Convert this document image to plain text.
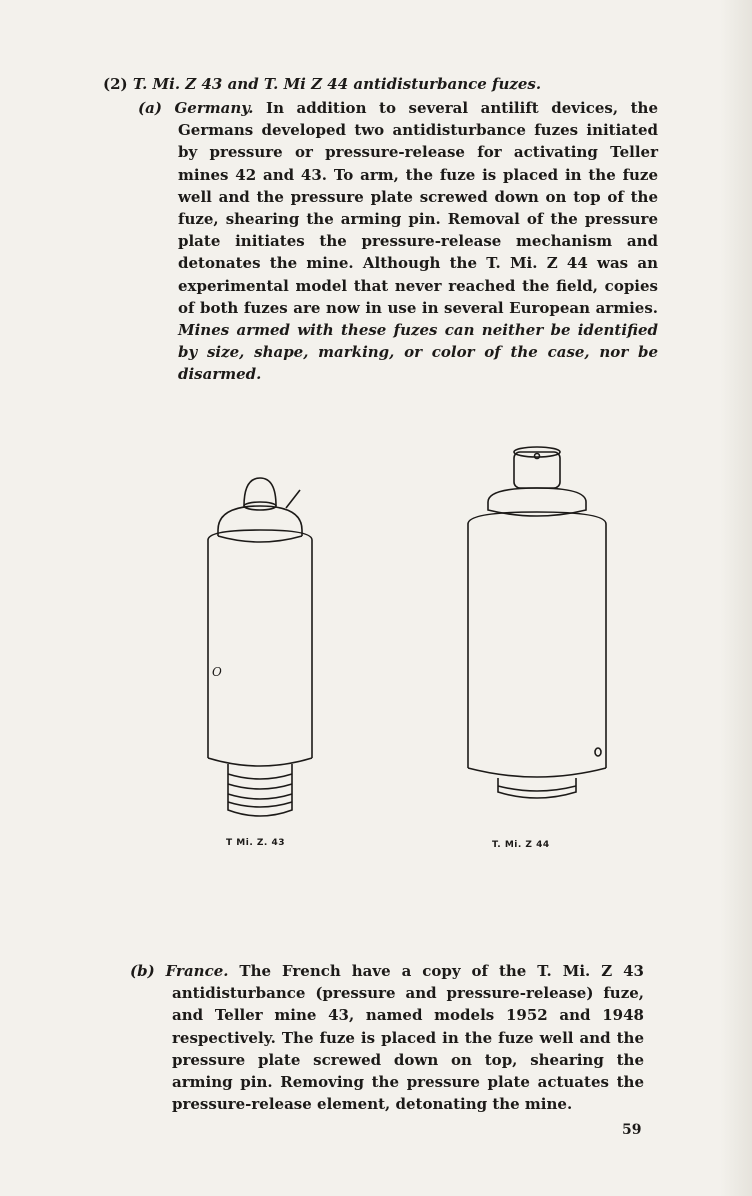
(2) T. Mi. Z 43 and T. Mi Z 44 antidisturbance fuzes.
(a) Germany. In addition to several antilift devices, the Germans developed two antidisturbance fuzes initiated by pressure or pressure-release for activating Teller mines 42 and 43. To arm, the fuze is placed in the fuze well and the pressure plate screwed down on top of the fuze, shearing the arming pin. Removal of the pressure plate initiates the pressure-release mechanism and detonates the mine. Although the T. Mi. Z 44 was an experimental model that never reached the field, copies of both fuzes are now in use in several European armies. Mines armed with these fuzes can neither be identified by size, shape, marking, or color of the case, nor be disarmed.
O
T Mi. Z. 43	T. Mi. Z 44
(b) France. The French have a copy of the T. Mi. Z 43 antidisturbance (pressure and pressure-release) fuze, and Teller mine 43, named models 1952 and 1948 respectively. The fuze is placed in the fuze well and the pressure plate screwed down on top, shearing the arming pin. Removing the pressure plate actuates the pressure-release element, detonating the mine.
59
